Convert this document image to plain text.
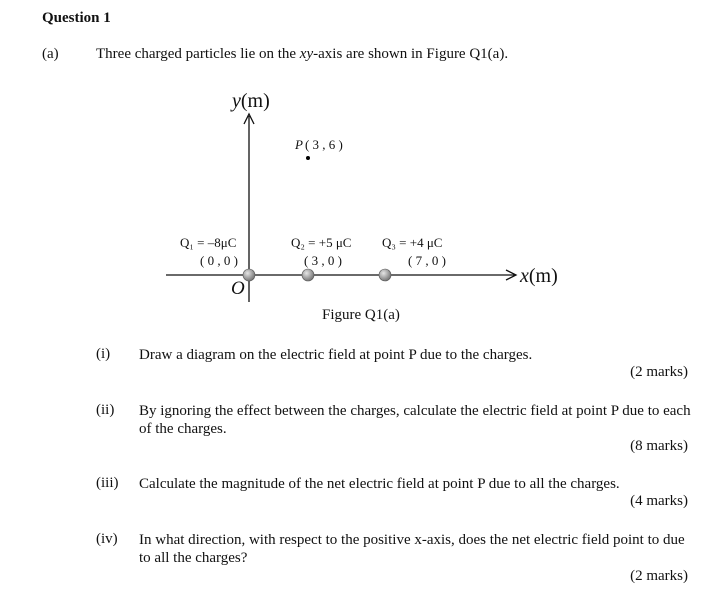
Question 1
(a) Three charged particles lie on the xy-axis are shown in Figure Q1(a).
y(m)
x(m)
O
P ( 3 , 6 )
Q₁ = –8μC
( 0 , 0 )
Q₂ = +5 μC
( 3 , 0 )
Q₃ = +4 μC
( 7 , 0 )
Figure Q1(a)
(i) Draw a diagram on the electric field at point P due to the charges.
(2 marks)
(ii) By ignoring the effect between the charges, calculate the electric field at point P due to each of the charges.
(8 marks)
(iii) Calculate the magnitude of the net electric field at point P due to all the charges.
(4 marks)
(iv) In what direction, with respect to the positive x-axis, does the net electric field point to due to all the charges?
(2 marks)
